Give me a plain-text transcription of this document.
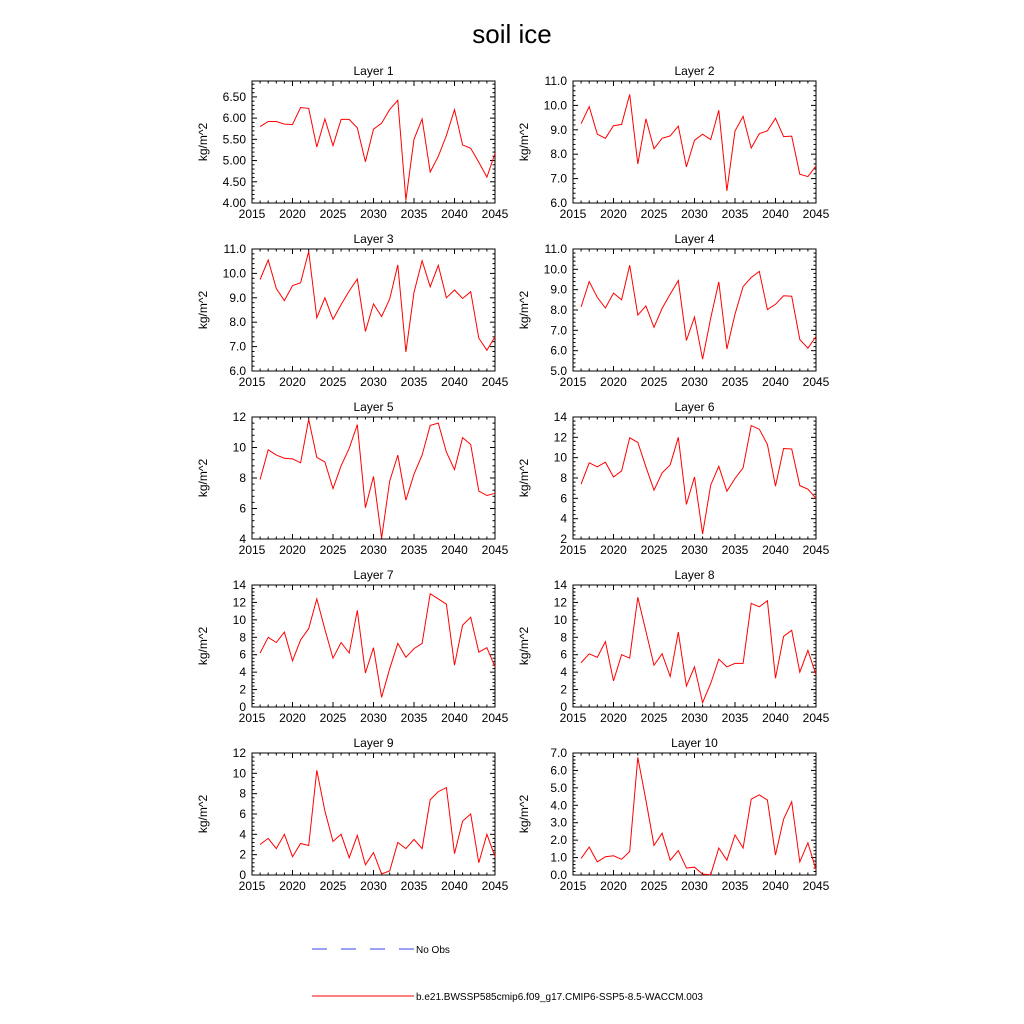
soil ice
Layer 1
kg/m^2
2015 2020 2025 2030 2035 2040 2045
4.00
4.50
5.00
5.50
6.00
6.50
Layer 2
kg/m^2
2015 2020 2025 2030 2035 2040 2045
6.0
7.0
8.0
9.0
10.0
11.0
Layer 3
kg/m^2
2015 2020 2025 2030 2035 2040 2045
6.0
7.0
8.0
9.0
10.0
11.0
Layer 4
kg/m^2
2015 2020 2025 2030 2035 2040 2045
5.0
6.0
7.0
8.0
9.0
10.0
11.0
Layer 5
kg/m^2
2015 2020 2025 2030 2035 2040 2045
4
6
8
10
12
Layer 6
kg/m^2
2015 2020 2025 2030 2035 2040 2045
2
4
6
8
10
12
14
Layer 7
kg/m^2
2015 2020 2025 2030 2035 2040 2045
0
2
4
6
8
10
12
14
Layer 8
kg/m^2
2015 2020 2025 2030 2035 2040 2045
0
2
4
6
8
10
12
14
Layer 9
kg/m^2
2015 2020 2025 2030 2035 2040 2045
0
2
4
6
8
10
12
Layer 10
kg/m^2
2015 2020 2025 2030 2035 2040 2045
0.0
1.0
2.0
3.0
4.0
5.0
6.0
7.0
No Obs
b.e21.BWSSP585cmip6.f09_g17.CMIP6-SSP5-8.5-WACCM.003
